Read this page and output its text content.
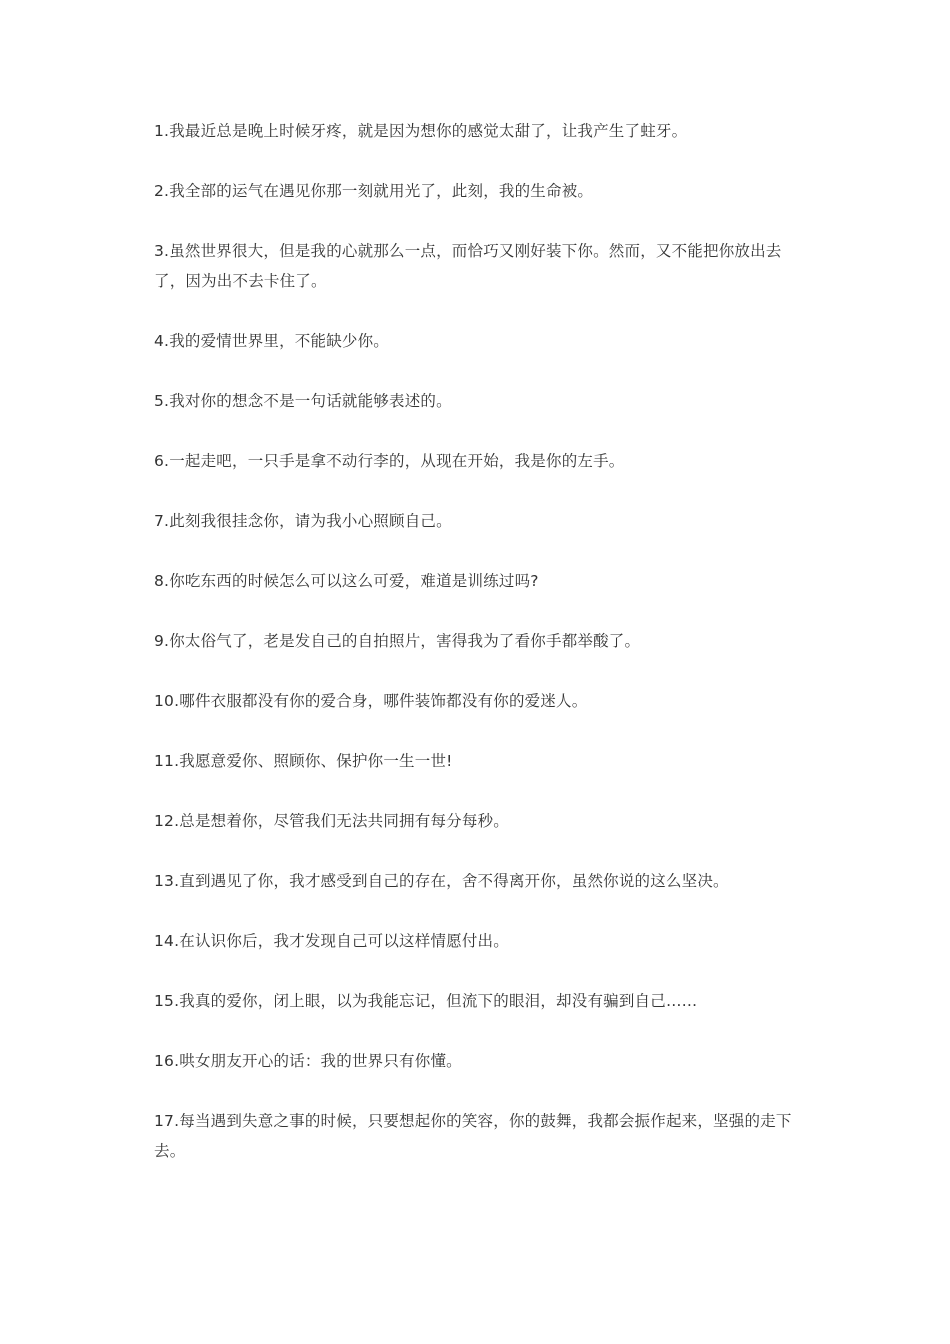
1.我最近总是晚上时候牙疼，就是因为想你的感觉太甜了，让我产生了蛀牙。

2.我全部的运气在遇见你那一刻就用光了，此刻，我的生命被。

3.虽然世界很大，但是我的心就那么一点，而恰巧又刚好装下你。然而，又不能把你放出去了，因为出不去卡住了。

4.我的爱情世界里，不能缺少你。

5.我对你的想念不是一句话就能够表述的。

6.一起走吧，一只手是拿不动行李的，从现在开始，我是你的左手。

7.此刻我很挂念你，请为我小心照顾自己。

8.你吃东西的时候怎么可以这么可爱，难道是训练过吗?

9.你太俗气了，老是发自己的自拍照片，害得我为了看你手都举酸了。

10.哪件衣服都没有你的爱合身，哪件装饰都没有你的爱迷人。

11.我愿意爱你、照顾你、保护你一生一世!

12.总是想着你，尽管我们无法共同拥有每分每秒。

13.直到遇见了你，我才感受到自己的存在，舍不得离开你，虽然你说的这么坚决。

14.在认识你后，我才发现自己可以这样情愿付出。

15.我真的爱你，闭上眼，以为我能忘记，但流下的眼泪，却没有骗到自己……

16.哄女朋友开心的话：我的世界只有你懂。

17.每当遇到失意之事的时候，只要想起你的笑容，你的鼓舞，我都会振作起来，坚强的走下去。
